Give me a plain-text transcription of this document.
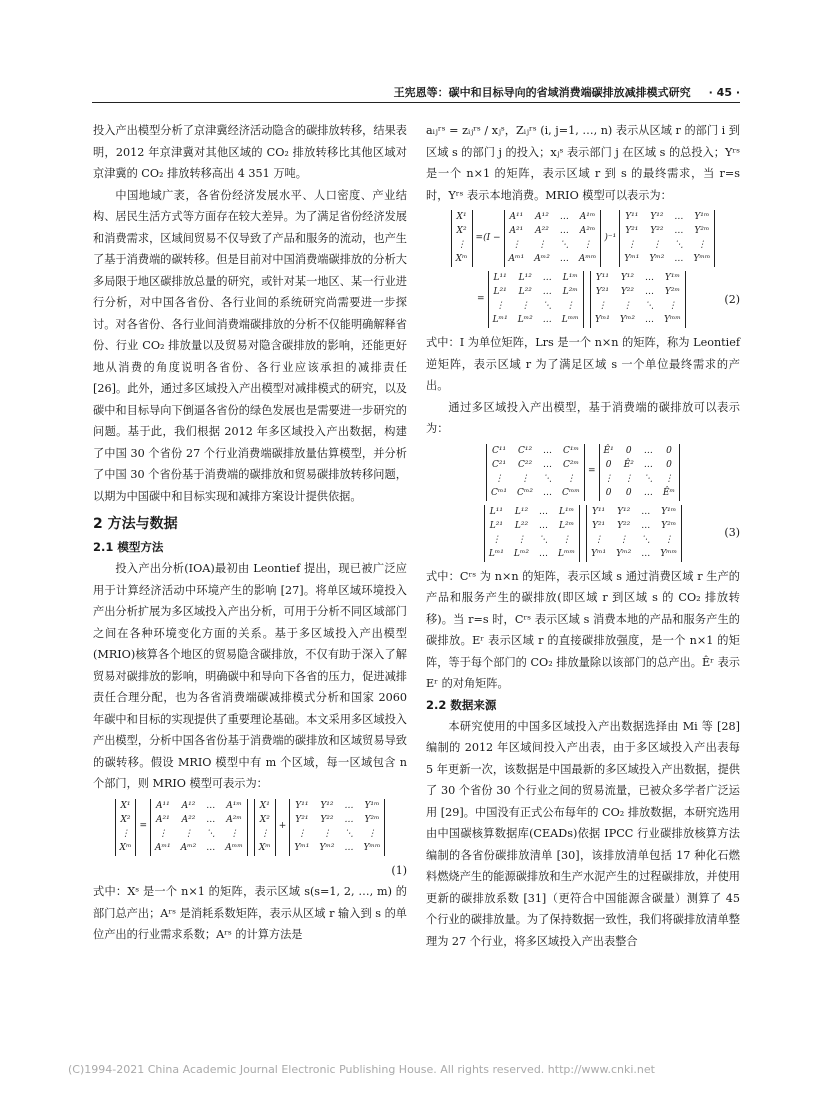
王宪恩等：碳中和目标导向的省域消费端碳排放减排模式研究 · 45 ·

投入产出模型分析了京津冀经济活动隐含的碳排放转移，结果表明，2012 年京津冀对其他区域的 CO₂ 排放转移比其他区域对京津冀的 CO₂ 排放转移高出 4 351 万吨。

中国地域广袤，各省份经济发展水平、人口密度、产业结构、居民生活方式等方面存在较大差异。为了满足省份经济发展和消费需求，区域间贸易不仅导致了产品和服务的流动，也产生了基于消费端的碳转移。但是目前对中国消费端碳排放的分析大多局限于地区碳排放总量的研究，或针对某一地区、某一行业进行分析，对中国各省份、各行业间的系统研究尚需要进一步探讨。对各省份、各行业间消费端碳排放的分析不仅能明确解释省份、行业 CO₂ 排放量以及贸易对隐含碳排放的影响，还能更好地从消费的角度说明各省份、各行业应该承担的减排责任 [26]。此外，通过多区域投入产出模型对减排模式的研究，以及碳中和目标导向下倒逼各省份的绿色发展也是需要进一步研究的问题。基于此，我们根据 2012 年多区域投入产出数据，构建了中国 30 个省份 27 个行业消费端碳排放量估算模型，并分析了中国 30 个省份基于消费端的碳排放和贸易碳排放转移问题，以期为中国碳中和目标实现和减排方案设计提供依据。

2 方法与数据
2.1 模型方法

投入产出分析(IOA)最初由 Leontief 提出，现已被广泛应用于计算经济活动中环境产生的影响 [27]。将单区域环境投入产出分析扩展为多区域投入产出分析，可用于分析不同区域部门之间在各种环境变化方面的关系。基于多区域投入产出模型(MRIO)核算各个地区的贸易隐含碳排放，不仅有助于深入了解贸易对碳排放的影响，明确碳中和导向下各省的压力，促进减排责任合理分配，也为各省消费端碳减排模式分析和国家 2060 年碳中和目标的实现提供了重要理论基础。本文采用多区域投入产出模型，分析中国各省份基于消费端的碳排放和区域贸易导致的碳转移。假设 MRIO 模型中有 m 个区域，每一区域包含 n 个部门，则 MRIO 模型可表示为：

X¹
X²
⋮
Xᵐ
=
A¹¹ A¹² … A¹ᵐ
A²¹ A²² … A²ᵐ
⋮	⋮	⋱	⋮
Aᵐ¹ Aᵐ² … Aᵐᵐ
X¹
X²
⋮
Xᵐ
+
Y¹¹ Y¹² … Y¹ᵐ
Y²¹ Y²² … Y²ᵐ
⋮	⋮	⋱	⋮
Yᵐ¹ Yᵐ² … Yᵐᵐ
(1)

式中：Xˢ 是一个 n×1 的矩阵，表示区域 s(s=1, 2, …, m) 的部门总产出；Aʳˢ 是消耗系数矩阵，表示从区域 r 输入到 s 的单位产出的行业需求系数；Aʳˢ 的计算方法是

aᵢⱼʳˢ = zᵢⱼʳˢ / xⱼˢ，Zᵢⱼʳˢ (i, j=1, …, n) 表示从区域 r 的部门 i 到区域 s 的部门 j 的投入；xⱼˢ 表示部门 j 在区域 s 的总投入；Yʳˢ 是一个 n×1 的矩阵，表示区域 r 到 s 的最终需求，当 r=s 时，Yʳˢ 表示本地消费。MRIO 模型可以表示为：

X¹
X²
⋮
Xᵐ
=(I −
A¹¹ A¹² … A¹ᵐ
A²¹ A²² … A²ᵐ
⋮	⋮	⋱	⋮
Aᵐ¹ Aᵐ² … Aᵐᵐ
)⁻¹
Y¹¹ Y¹² … Y¹ᵐ
Y²¹ Y²² … Y²ᵐ
⋮	⋮	⋱	⋮
Yᵐ¹ Yᵐ² … Yᵐᵐ
=
L¹¹ L¹² … L¹ᵐ
L²¹ L²² … L²ᵐ
⋮	⋮	⋱	⋮
Lᵐ¹ Lᵐ² … Lᵐᵐ
Y¹¹ Y¹² … Y¹ᵐ
Y²¹ Y²² … Y²ᵐ
⋮	⋮	⋱	⋮
Yᵐ¹ Yᵐ² … Yᵐᵐ
(2)

式中：I 为单位矩阵，Lrs 是一个 n×n 的矩阵，称为 Leontief 逆矩阵，表示区域 r 为了满足区域 s 一个单位最终需求的产出。

通过多区域投入产出模型，基于消费端的碳排放可以表示为：

C¹¹ C¹² … C¹ᵐ
C²¹ C²² … C²ᵐ
⋮	⋮	⋱	⋮
Cᵐ¹ Cᵐ² … Cᵐᵐ
=
Ê¹ 0 …	0
0 Ê² …	0
⋮ ⋮ ⋱ ⋮
0 0 … Êᵐ
L¹¹ L¹² … L¹ᵐ
L²¹ L²² … L²ᵐ
⋮	⋮	⋱	⋮
Lᵐ¹ Lᵐ² … Lᵐᵐ
Y¹¹ Y¹² … Y¹ᵐ
Y²¹ Y²² … Y²ᵐ
⋮	⋮	⋱	⋮
Yᵐ¹ Yᵐ² … Yᵐᵐ
(3)

式中：Cʳˢ 为 n×n 的矩阵，表示区域 s 通过消费区域 r 生产的产品和服务产生的碳排放(即区域 r 到区域 s 的 CO₂ 排放转移)。当 r=s 时，Cʳˢ 表示区域 s 消费本地的产品和服务产生的碳排放。Eʳ 表示区域 r 的直接碳排放强度，是一个 n×1 的矩阵，等于每个部门的 CO₂ 排放量除以该部门的总产出。Êʳ 表示 Eʳ 的对角矩阵。

2.2 数据来源

本研究使用的中国多区域投入产出数据选择由 Mi 等 [28] 编制的 2012 年区域间投入产出表，由于多区域投入产出表每 5 年更新一次，该数据是中国最新的多区域投入产出数据，提供了 30 个省份 30 个行业之间的贸易流量，已被众多学者广泛运用 [29]。中国没有正式公布每年的 CO₂ 排放数据，本研究选用由中国碳核算数据库(CEADs)依据 IPCC 行业碳排放核算方法编制的各省份碳排放清单 [30]，该排放清单包括 17 种化石燃料燃烧产生的能源碳排放和生产水泥产生的过程碳排放，并使用更新的碳排放系数 [31]（更符合中国能源含碳量）测算了 45 个行业的碳排放量。为了保持数据一致性，我们将碳排放清单整理为 27 个行业，将多区域投入产出表整合

(C)1994-2021 China Academic Journal Electronic Publishing House. All rights reserved. http://www.cnki.net
